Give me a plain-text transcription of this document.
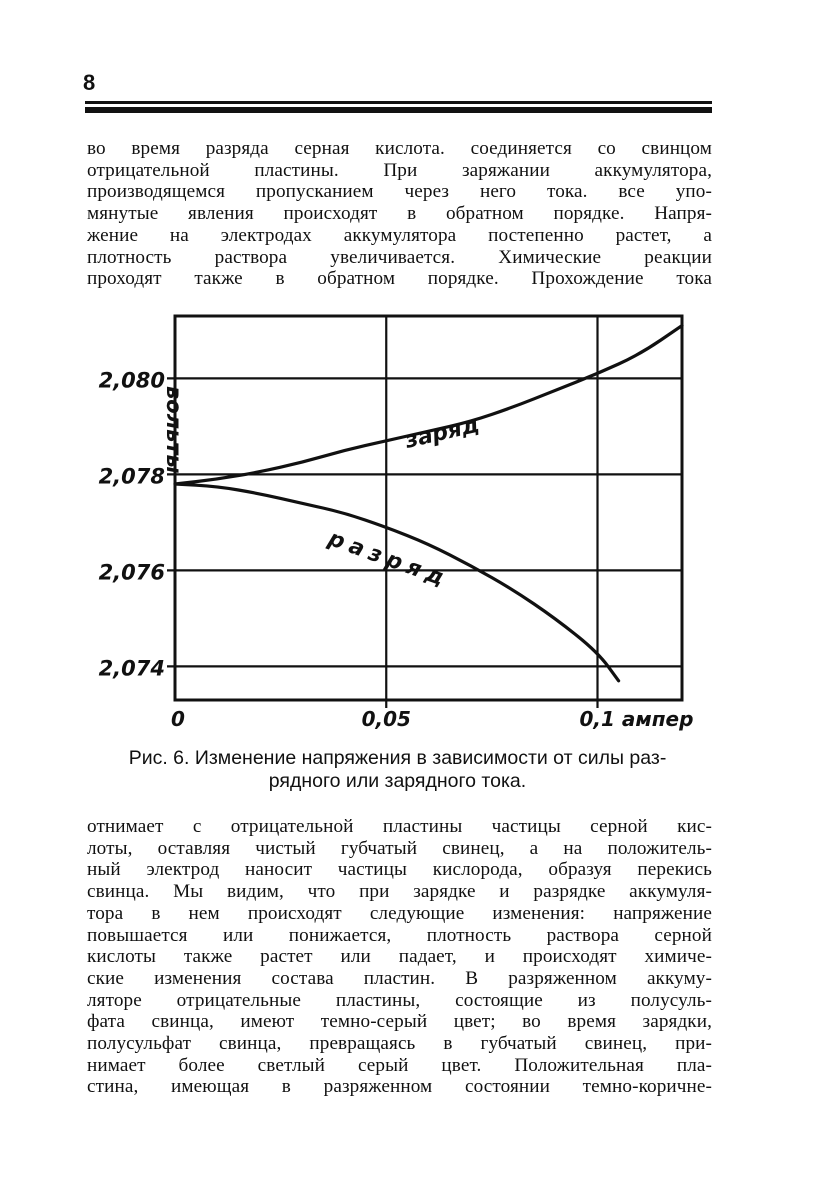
8
во время разряда серная кислота. соединяется со свинцом
отрицательной пластины. При заряжании аккумулятора,
производящемся пропусканием через него тока. все упо-
мянутые явления происходят в обратном порядке. Напря-
жение на электродах аккумулятора постепенно растет, а
плотность раствора увеличивается. Химические реакции
проходят также в обратном порядке. Прохождение тока
вольты
2,080
2,078
2,076
2,074
0	0,05	0,1 ампер
заряд
разряд
Рис. 6. Изменение напряжения в зависимости от силы раз-
рядного или зарядного тока.
отнимает с отрицательной пластины частицы серной кис-
лоты, оставляя чистый губчатый свинец, а на положитель-
ный электрод наносит частицы кислорода, образуя перекись
свинца. Мы видим, что при зарядке и разрядке аккумуля-
тора в нем происходят следующие изменения: напряжение
повышается или понижается, плотность раствора серной
кислоты также растет или падает, и происходят химиче-
ские изменения состава пластин. В разряженном аккуму-
ляторе отрицательные пластины, состоящие из полусуль-
фата свинца, имеют темно-серый цвет; во время зарядки,
полусульфат свинца, превращаясь в губчатый свинец, при-
нимает более светлый серый цвет. Положительная пла-
стина, имеющая в разряженном состоянии темно-коричне-
